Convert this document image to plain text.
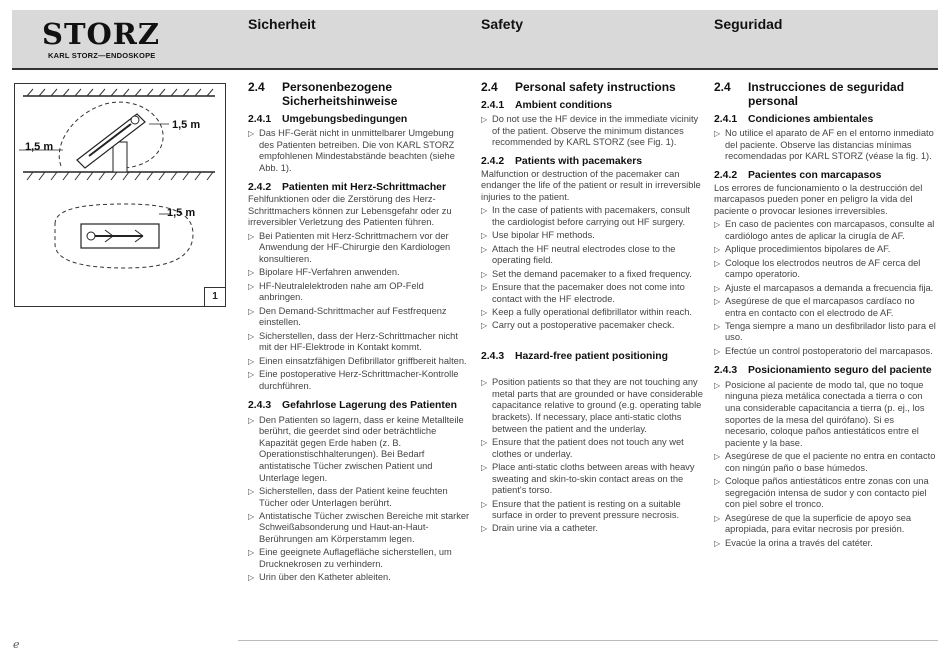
STORZ
KARL STORZ—ENDOSKOPE
Sicherheit	Safety	Seguridad
1,5 m
1,5 m
1,5 m
1
2.4	Personenbezogene Sicherheitshinweise
2.4.1	Umgebungsbedingungen
▷ Das HF-Gerät nicht in unmittelbarer Umgebung des Patienten betreiben. Die von KARL STORZ empfohlenen Mindestabstände beachten (siehe Abb. 1).
2.4.2	Patienten mit Herz-Schrittmacher
Fehlfunktionen oder die Zerstörung des Herz-Schrittmachers können zur Lebensgefahr oder zu irreversibler Verletzung des Patienten führen.
▷ Bei Patienten mit Herz-Schrittmachern vor der Anwendung der HF-Chirurgie den Kardiologen konsultieren.
▷ Bipolare HF-Verfahren anwenden.
▷ HF-Neutralelektroden nahe am OP-Feld anbringen.
▷ Den Demand-Schrittmacher auf Festfrequenz einstellen.
▷ Sicherstellen, dass der Herz-Schrittmacher nicht mit der HF-Elektrode in Kontakt kommt.
▷ Einen einsatzfähigen Defibrillator griffbereit halten.
▷ Eine postoperative Herz-Schrittmacher-Kontrolle durchführen.
2.4.3	Gefahrlose Lagerung des Patienten
▷ Den Patienten so lagern, dass er keine Metallteile berührt, die geerdet sind oder beträchtliche Kapazität gegen Erde haben (z. B. Operationstischhalterungen). Bei Bedarf antistatische Tücher zwischen Patient und Unterlage legen.
▷ Sicherstellen, dass der Patient keine feuchten Tücher oder Unterlagen berührt.
▷ Antistatische Tücher zwischen Bereiche mit starker Schweißabsonderung und Haut-an-Haut-Berührungen am Körperstamm legen.
▷ Eine geeignete Auflagefläche sicherstellen, um Drucknekrosen zu verhindern.
▷ Urin über den Katheter ableiten.
2.4	Personal safety instructions
2.4.1	Ambient conditions
▷ Do not use the HF device in the immediate vicinity of the patient. Observe the minimum distances recommended by KARL STORZ (see Fig. 1).
2.4.2	Patients with pacemakers
Malfunction or destruction of the pacemaker can endanger the life of the patient or result in irreversible injuries to the patient.
▷ In the case of patients with pacemakers, consult the cardiologist before carrying out HF surgery.
▷ Use bipolar HF methods.
▷ Attach the HF neutral electrodes close to the operating field.
▷ Set the demand pacemaker to a fixed frequency.
▷ Ensure that the pacemaker does not come into contact with the HF electrode.
▷ Keep a fully operational defibrillator within reach.
▷ Carry out a postoperative pacemaker check.
2.4.3	Hazard-free patient positioning
▷ Position patients so that they are not touching any metal parts that are grounded or have considerable capacitance relative to ground (e.g. operating table brackets). If necessary, place anti-static cloths between the patient and the underlay.
▷ Ensure that the patient does not touch any wet clothes or underlay.
▷ Place anti-static cloths between areas with heavy sweating and skin-to-skin contact areas on the patient's torso.
▷ Ensure that the patient is resting on a suitable surface in order to prevent pressure necrosis.
▷ Drain urine via a catheter.
2.4	Instrucciones de seguridad personal
2.4.1	Condiciones ambientales
▷ No utilice el aparato de AF en el entorno inmediato del paciente. Observe las distancias mínimas recomendadas por KARL STORZ (véase la fig. 1).
2.4.2	Pacientes con marcapasos
Los errores de funcionamiento o la destrucción del marcapasos pueden poner en peligro la vida del paciente o provocar lesiones irreversibles.
▷ En caso de pacientes con marcapasos, consulte al cardiólogo antes de aplicar la cirugía de AF.
▷ Aplique procedimientos bipolares de AF.
▷ Coloque los electrodos neutros de AF cerca del campo operatorio.
▷ Ajuste el marcapasos a demanda a frecuencia fija.
▷ Asegúrese de que el marcapasos cardíaco no entra en contacto con el electrodo de AF.
▷ Tenga siempre a mano un desfibrilador listo para el uso.
▷ Efectúe un control postoperatorio del marcapasos.
2.4.3	Posicionamiento seguro del paciente
▷ Posicione al paciente de modo tal, que no toque ninguna pieza metálica conectada a tierra o con una considerable capacitancia a tierra (p. ej., los soportes de la mesa del quirófano). Si es necesario, coloque paños antiestáticos entre el paciente y la base.
▷ Asegúrese de que el paciente no entra en contacto con ningún paño o base húmedos.
▷ Coloque paños antiestáticos entre zonas con una segregación intensa de sudor y con contacto piel con piel sobre el tronco.
▷ Asegúrese de que la superficie de apoyo sea apropiada, para evitar necrosis por presión.
▷ Evacúe la orina a través del catéter.
e
